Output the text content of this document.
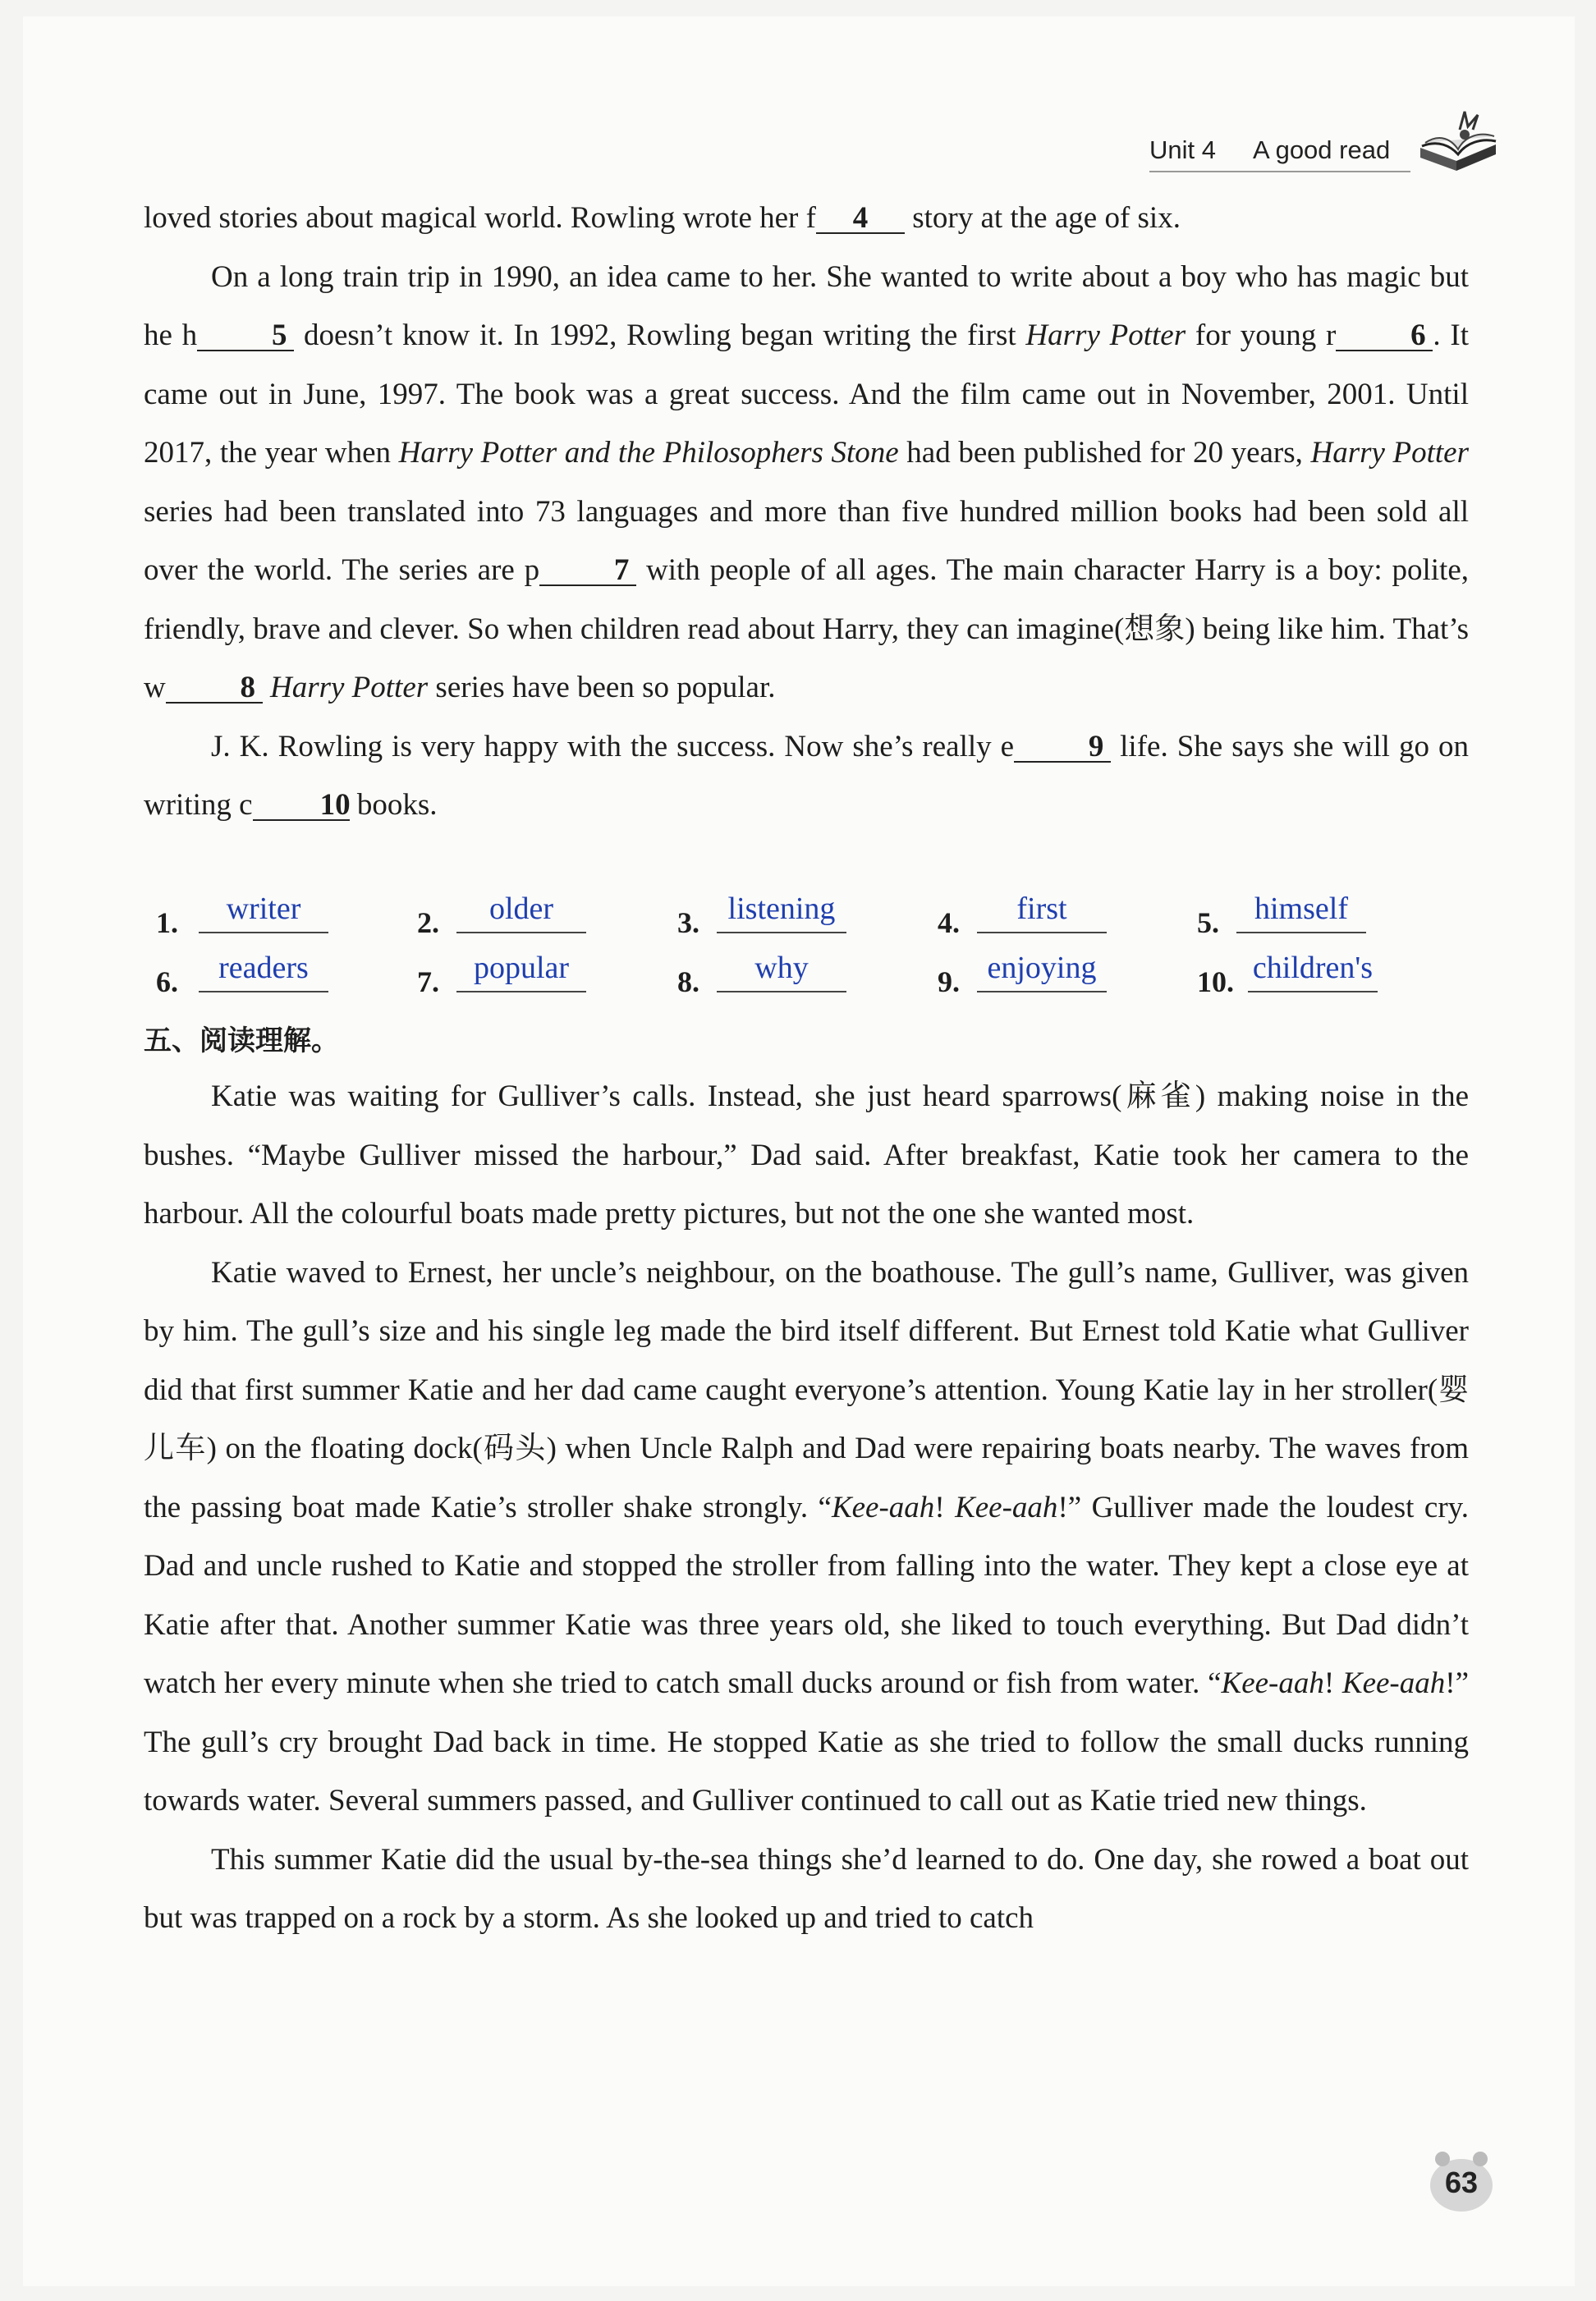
Unit 4 A good read

loved stories about magical world. Rowling wrote her f 4 story at the age of six.

On a long train trip in 1990, an idea came to her. She wanted to write about a boy who has magic but he h 5 doesn’t know it. In 1992, Rowling began writing the first Harry Potter for young r 6 . It came out in June, 1997. The book was a great success. And the film came out in November, 2001. Until 2017, the year when Harry Potter and the Philosophers Stone had been published for 20 years, Harry Potter series had been translated into 73 languages and more than five hundred million books had been sold all over the world. The series are p 7 with people of all ages. The main character Harry is a boy: polite, friendly, brave and clever. So when children read about Harry, they can imagine(想象) being like him. That’s w 8 Harry Potter series have been so popular.

J. K. Rowling is very happy with the success. Now she’s really e 9 life. She says she will go on writing c 10 books.

1.	writer	2.	older	3. listening	4.	first	5.	himself
6.	readers	7.	popular	8.	why	9. enjoying	10. children's
五、阅读理解。

Katie was waiting for Gulliver’s calls. Instead, she just heard sparrows(麻雀) making noise in the bushes. “Maybe Gulliver missed the harbour,” Dad said. After breakfast, Katie took her camera to the harbour. All the colourful boats made pretty pictures, but not the one she wanted most.

Katie waved to Ernest, her uncle’s neighbour, on the boathouse. The gull’s name, Gulliver, was given by him. The gull’s size and his single leg made the bird itself different. But Ernest told Katie what Gulliver did that first summer Katie and her dad came caught everyone’s attention. Young Katie lay in her stroller(婴儿车) on the floating dock(码头) when Uncle Ralph and Dad were repairing boats nearby. The waves from the passing boat made Katie’s stroller shake strongly. “Kee-aah! Kee-aah!” Gulliver made the loudest cry. Dad and uncle rushed to Katie and stopped the stroller from falling into the water. They kept a close eye at Katie after that. Another summer Katie was three years old, she liked to touch everything. But Dad didn’t watch her every minute when she tried to catch small ducks around or fish from water. “Kee-aah! Kee-aah!” The gull’s cry brought Dad back in time. He stopped Katie as she tried to follow the small ducks running towards water. Several summers passed, and Gulliver continued to call out as Katie tried new things.

This summer Katie did the usual by-the-sea things she’d learned to do. One day, she rowed a boat out but was trapped on a rock by a storm. As she looked up and tried to catch

63
